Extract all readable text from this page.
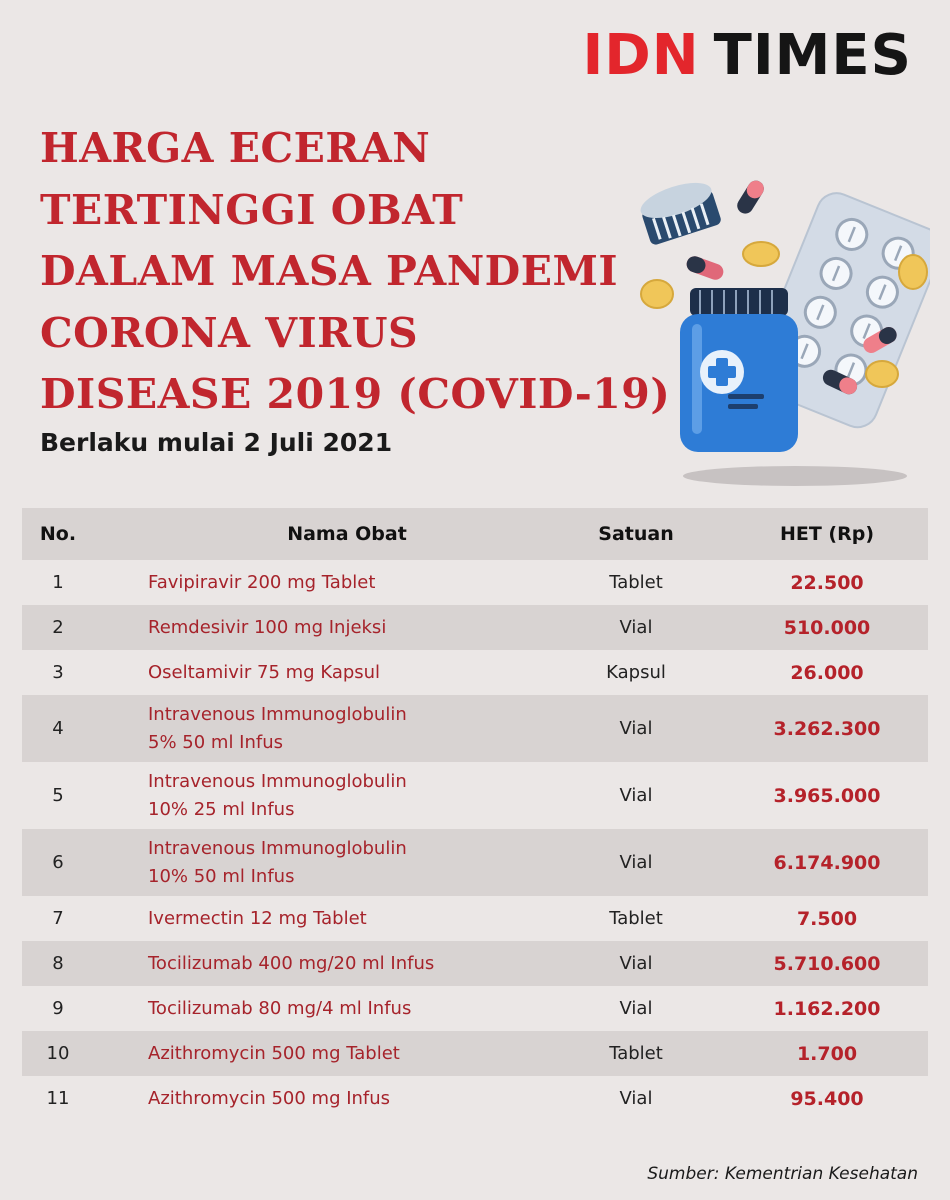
IDN TIMES
HARGA ECERAN
TERTINGGI OBAT
DALAM MASA PANDEMI
CORONA VIRUS
DISEASE 2019 (COVID-19)
Berlaku mulai 2 Juli 2021
No.	Nama Obat	Satuan	HET (Rp)
1	Favipiravir 200 mg Tablet	Tablet	22.500
2	Remdesivir 100 mg Injeksi	Vial	510.000
3	Oseltamivir 75 mg Kapsul	Kapsul	26.000
4	Intravenous Immunoglobulin
5% 50 ml Infus	Vial	3.262.300
5	Intravenous Immunoglobulin
10% 25 ml Infus	Vial	3.965.000
6	Intravenous Immunoglobulin
10% 50 ml Infus	Vial	6.174.900
7	Ivermectin 12 mg Tablet	Tablet	7.500
8	Tocilizumab 400 mg/20 ml Infus	Vial	5.710.600
9	Tocilizumab 80 mg/4 ml Infus	Vial	1.162.200
10	Azithromycin 500 mg Tablet	Tablet	1.700
11	Azithromycin 500 mg Infus	Vial	95.400
Sumber: Kementrian Kesehatan
